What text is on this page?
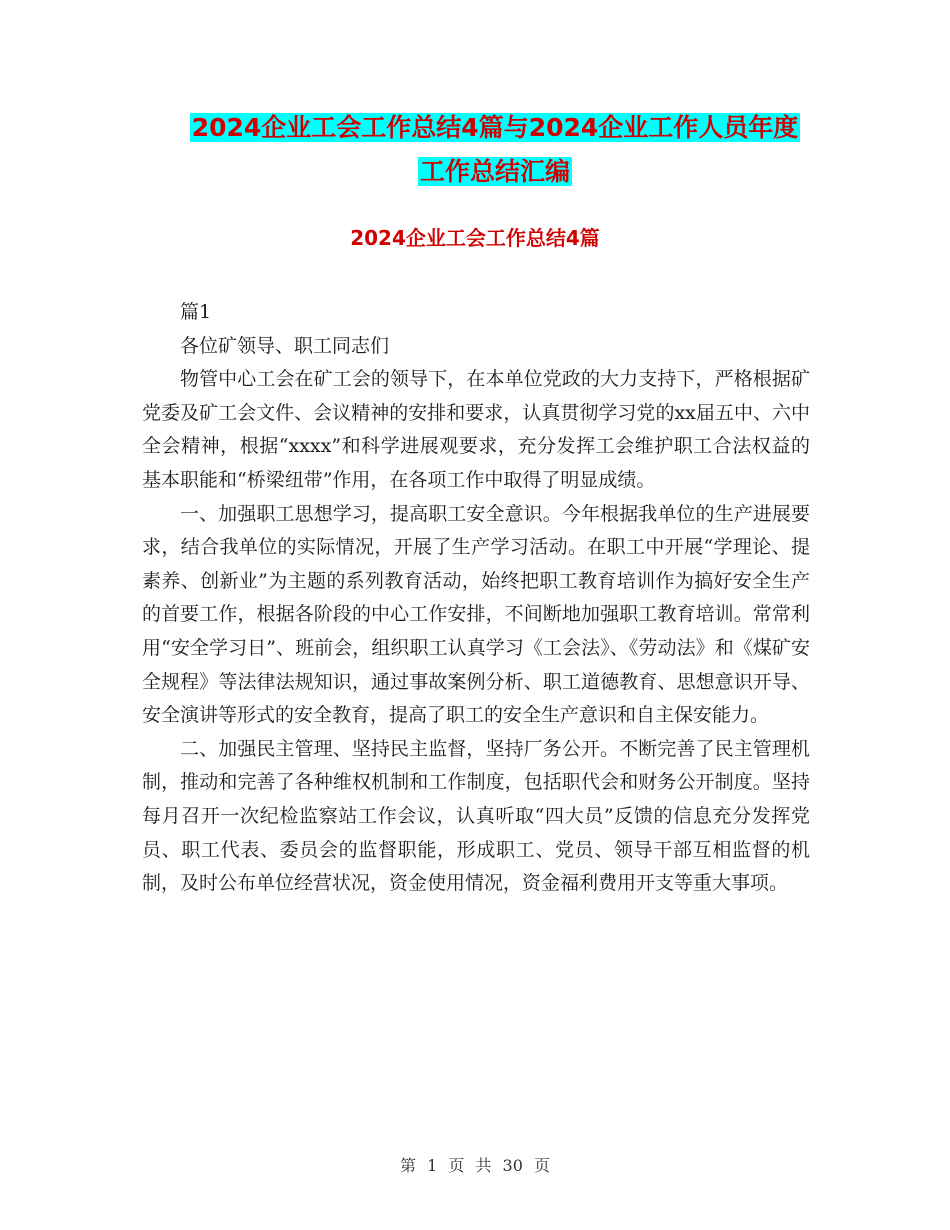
2024企业工会工作总结4篇与2024企业工作人员年度
工作总结汇编
2024企业工会工作总结4篇

篇1

各位矿领导、职工同志们

物管中心工会在矿工会的领导下，在本单位党政的大力支持下，严格根据矿党委及矿工会文件、会议精神的安排和要求，认真贯彻学习党的xx届五中、六中全会精神，根据“xxxx”和科学进展观要求，充分发挥工会维护职工合法权益的基本职能和“桥梁纽带”作用，在各项工作中取得了明显成绩。

一、加强职工思想学习，提高职工安全意识。今年根据我单位的生产进展要求，结合我单位的实际情况，开展了生产学习活动。在职工中开展“学理论、提素养、创新业”为主题的系列教育活动，始终把职工教育培训作为搞好安全生产的首要工作，根据各阶段的中心工作安排，不间断地加强职工教育培训。常常利用“安全学习日”、班前会，组织职工认真学习《工会法》、《劳动法》和《煤矿安全规程》等法律法规知识，通过事故案例分析、职工道德教育、思想意识开导、安全演讲等形式的安全教育，提高了职工的安全生产意识和自主保安能力。

二、加强民主管理、坚持民主监督，坚持厂务公开。不断完善了民主管理机制，推动和完善了各种维权机制和工作制度，包括职代会和财务公开制度。坚持每月召开一次纪检监察站工作会议，认真听取“四大员”反馈的信息充分发挥党员、职工代表、委员会的监督职能，形成职工、党员、领导干部互相监督的机制，及时公布单位经营状况，资金使用情况，资金福利费用开支等重大事项。

第 1 页 共 30 页
